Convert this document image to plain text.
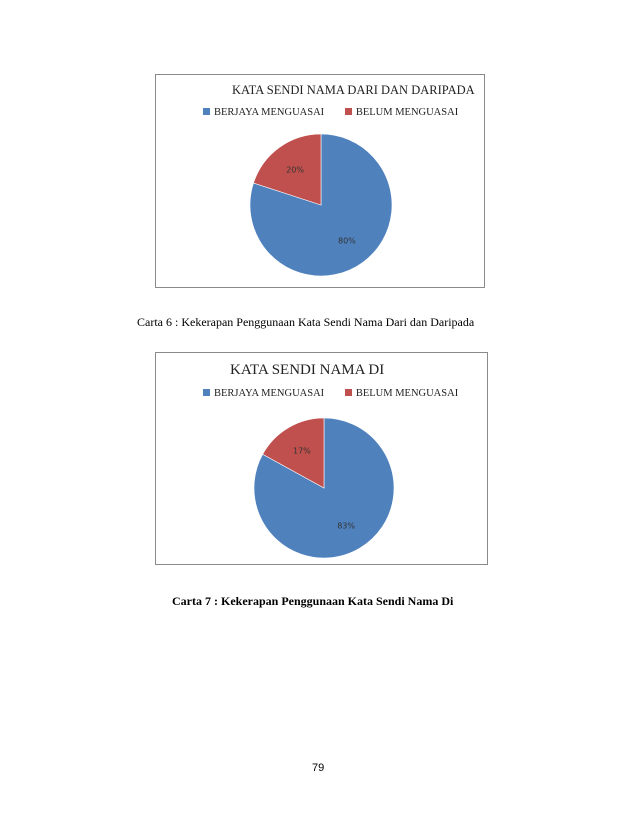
KATA SENDI NAMA DARI DAN DARIPADA
BERJAYA MENGUASAI	BELUM MENGUASAI
80%
20%
Carta 6 : Kekerapan Penggunaan Kata Sendi Nama Dari dan Daripada
KATA SENDI NAMA DI
BERJAYA MENGUASAI	BELUM MENGUASAI
83%
17%
Carta 7 : Kekerapan Penggunaan Kata Sendi Nama Di
79
